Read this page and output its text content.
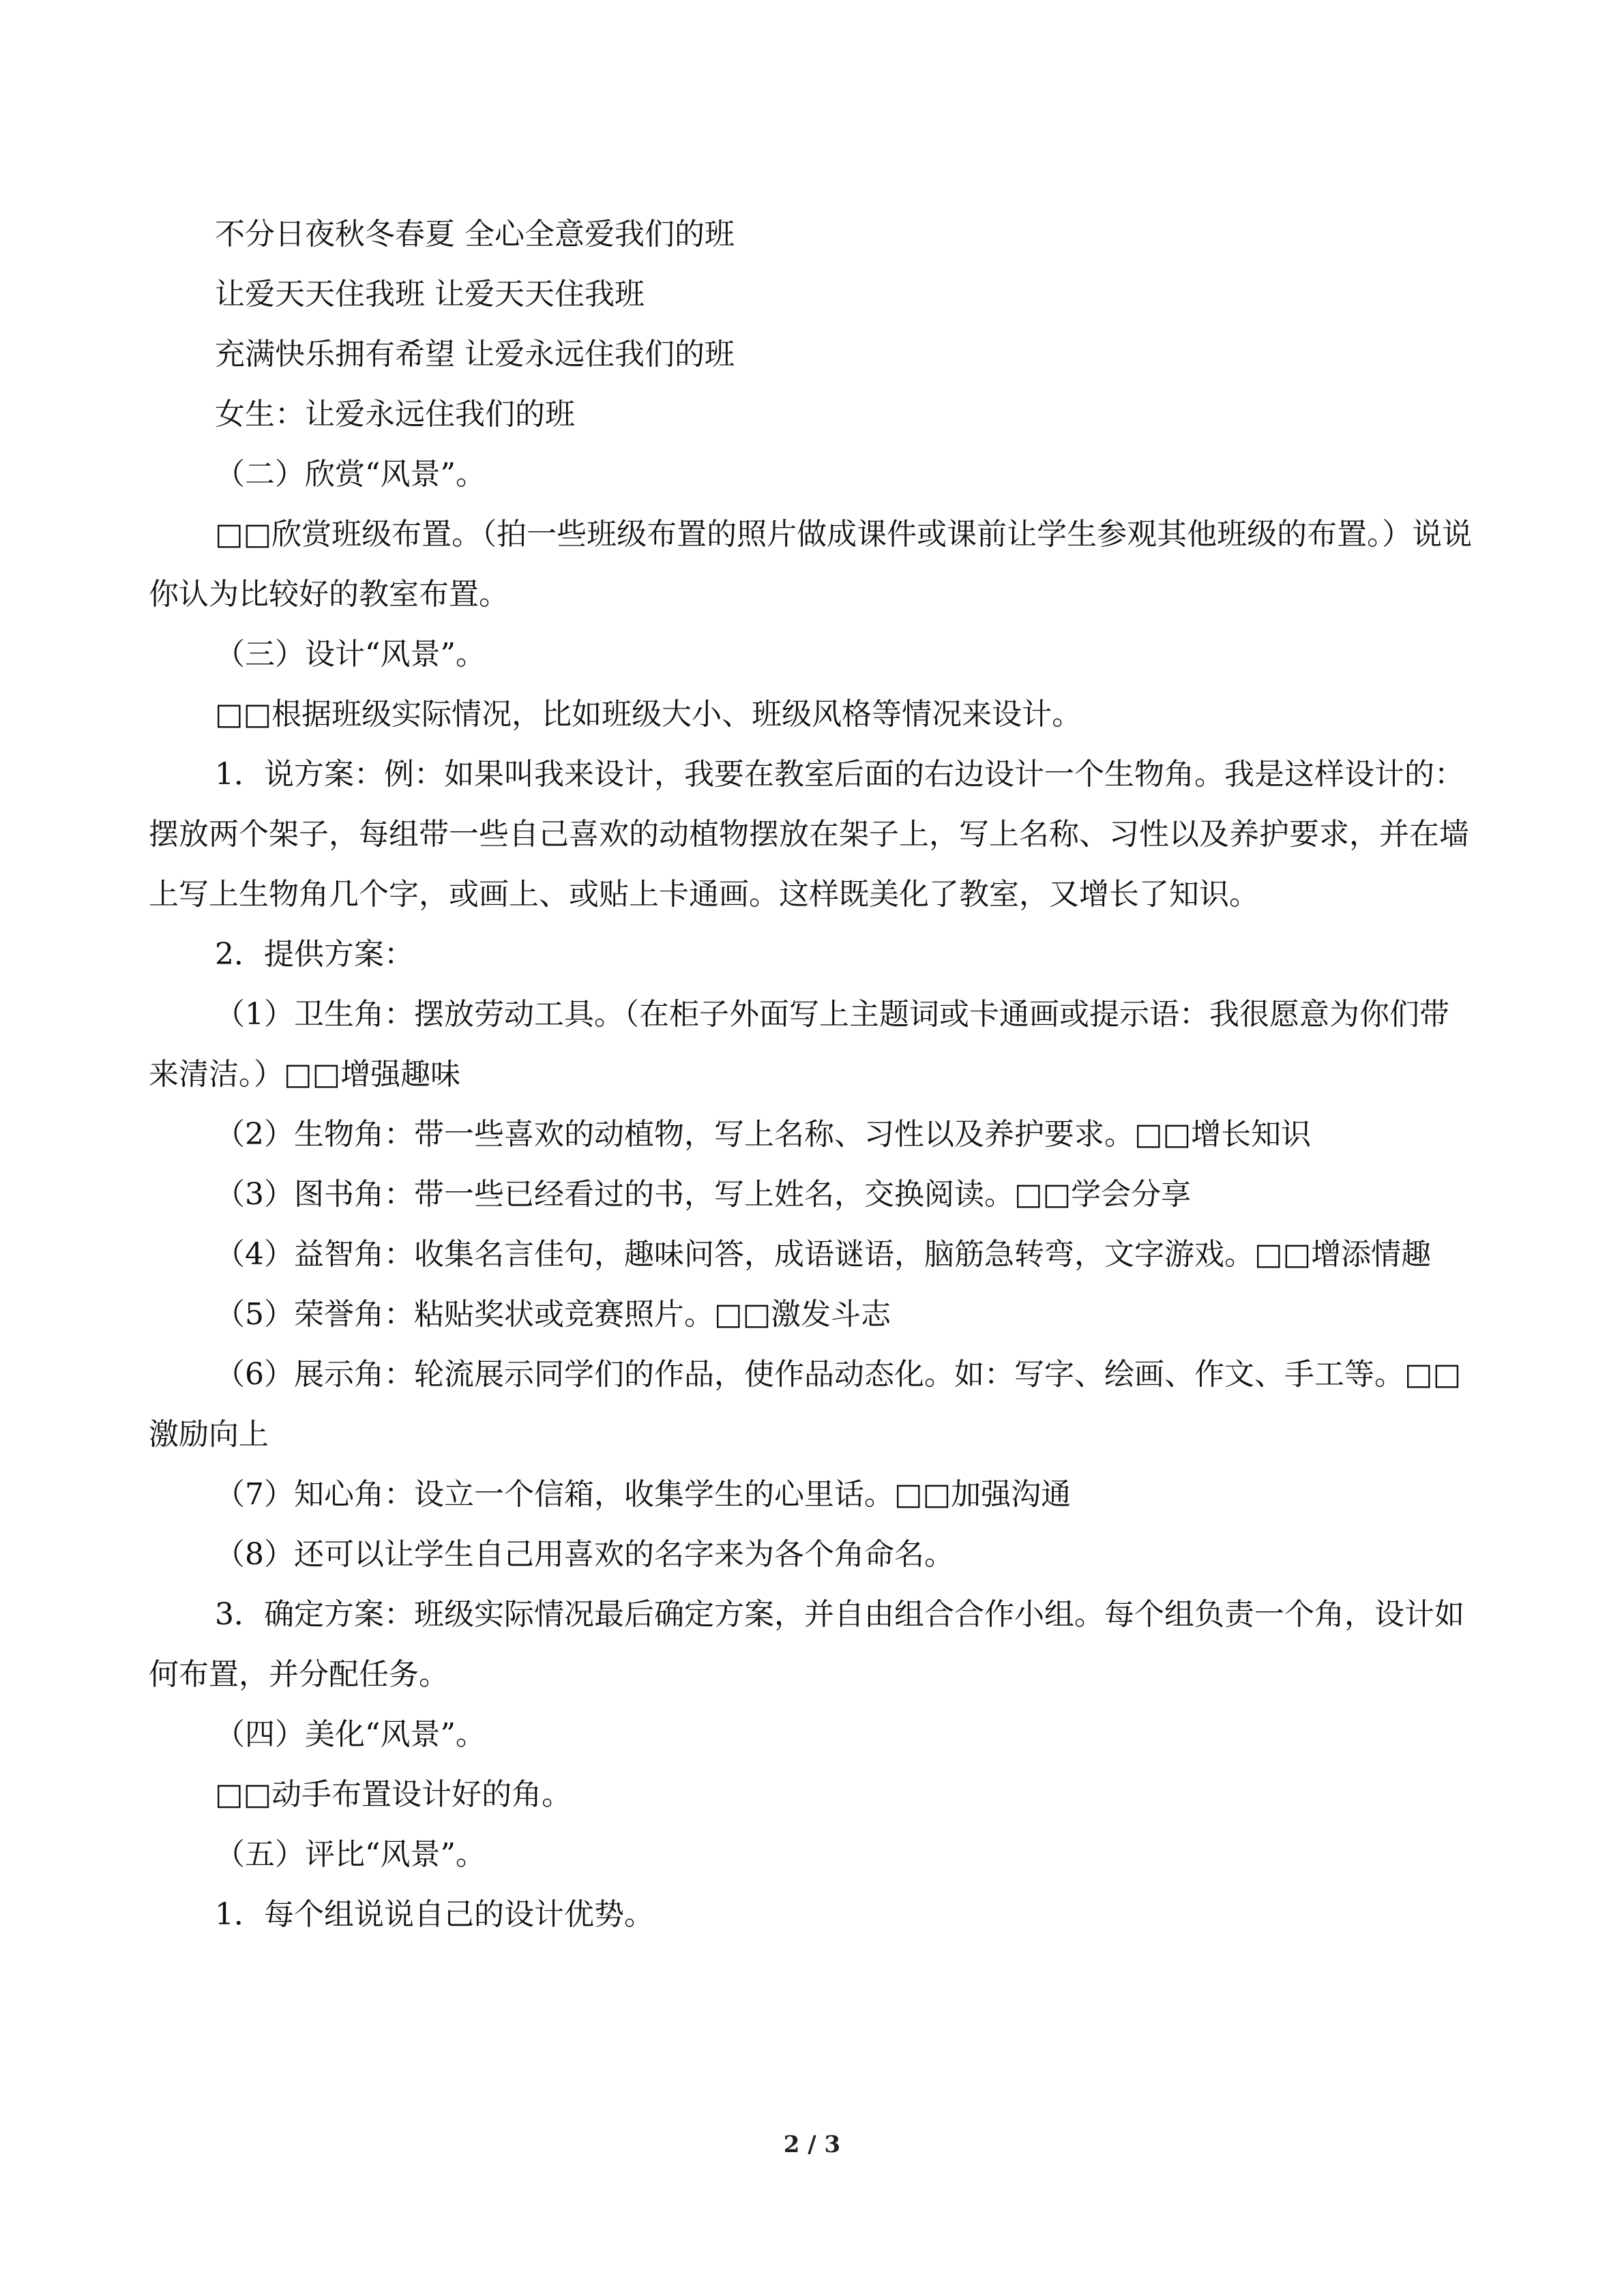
不分日夜秋冬春夏 全心全意爱我们的班

让爱天天住我班 让爱天天住我班

充满快乐拥有希望 让爱永远住我们的班

女生：让爱永远住我们的班

（二）欣赏“风景”。

□□欣赏班级布置。（拍一些班级布置的照片做成课件或课前让学生参观其他班级的布置。）说说你认为比较好的教室布置。

（三）设计“风景”。

□□根据班级实际情况，比如班级大小、班级风格等情况来设计。

1．说方案：例：如果叫我来设计，我要在教室后面的右边设计一个生物角。我是这样设计的：摆放两个架子，每组带一些自己喜欢的动植物摆放在架子上，写上名称、习性以及养护要求，并在墙上写上生物角几个字，或画上、或贴上卡通画。这样既美化了教室，又增长了知识。

2．提供方案：

（1）卫生角：摆放劳动工具。（在柜子外面写上主题词或卡通画或提示语：我很愿意为你们带来清洁。）□□增强趣味

（2）生物角：带一些喜欢的动植物，写上名称、习性以及养护要求。□□增长知识

（3）图书角：带一些已经看过的书，写上姓名，交换阅读。□□学会分享

（4）益智角：收集名言佳句，趣味问答，成语谜语，脑筋急转弯，文字游戏。□□增添情趣

（5）荣誉角：粘贴奖状或竞赛照片。□□激发斗志

（6）展示角：轮流展示同学们的作品，使作品动态化。如：写字、绘画、作文、手工等。□□激励向上

（7）知心角：设立一个信箱，收集学生的心里话。□□加强沟通

（8）还可以让学生自己用喜欢的名字来为各个角命名。

3．确定方案：班级实际情况最后确定方案，并自由组合合作小组。每个组负责一个角，设计如何布置，并分配任务。

（四）美化“风景”。

□□动手布置设计好的角。

（五）评比“风景”。

1．每个组说说自己的设计优势。

2 / 3
